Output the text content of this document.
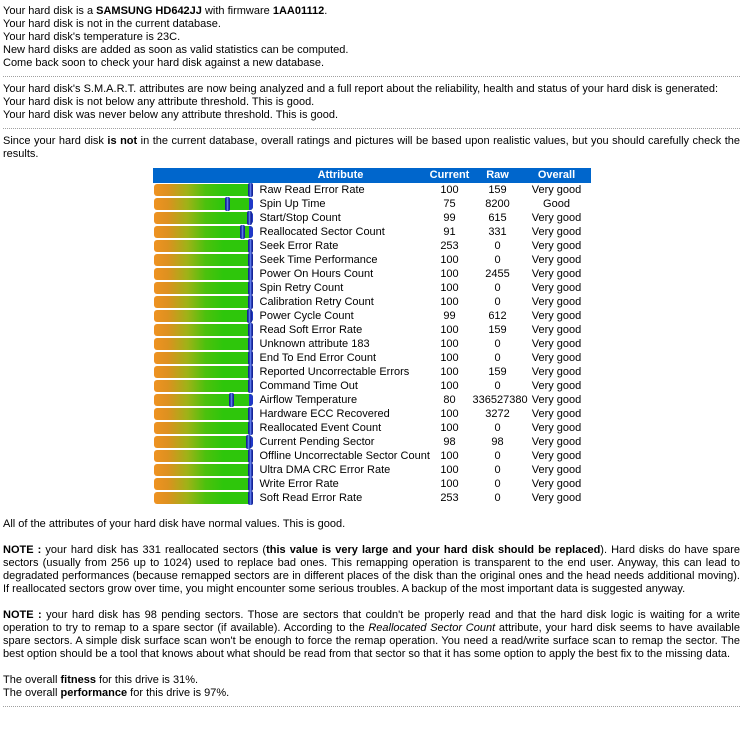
Your hard disk is a SAMSUNG HD642JJ with firmware 1AA01112.

Your hard disk is not in the current database.

Your hard disk's temperature is 23C.

New hard disks are added as soon as valid statistics can be computed.

Come back soon to check your hard disk against a new database.

Your hard disk's S.M.A.R.T. attributes are now being analyzed and a full report about the reliability, health and status of your hard disk is generated:

Your hard disk is not below any attribute threshold. This is good.

Your hard disk was never below any attribute threshold. This is good.

Since your hard disk is not in the current database, overall ratings and pictures will be based upon realistic values, but you should carefully check the results.

	Attribute	Current	Raw	Overall

	Raw Read Error Rate	100	159	Very good

	Spin Up Time	75	8200	Good

	Start/Stop Count	99	615	Very good

	Reallocated Sector Count	91	331	Very good

	Seek Error Rate	253	0	Very good

	Seek Time Performance	100	0	Very good

	Power On Hours Count	100	2455	Very good

	Spin Retry Count	100	0	Very good

	Calibration Retry Count	100	0	Very good

	Power Cycle Count	99	612	Very good

	Read Soft Error Rate	100	159	Very good

	Unknown attribute 183	100	0	Very good

	End To End Error Count	100	0	Very good

	Reported Uncorrectable Errors	100	159	Very good

	Command Time Out	100	0	Very good

	Airflow Temperature	80	336527380	Very good

	Hardware ECC Recovered	100	3272	Very good

	Reallocated Event Count	100	0	Very good

	Current Pending Sector	98	98	Very good

	Offline Uncorrectable Sector Count	100	0	Very good

	Ultra DMA CRC Error Rate	100	0	Very good

	Write Error Rate	100	0	Very good

	Soft Read Error Rate	253	0	Very good

All of the attributes of your hard disk have normal values. This is good.

NOTE : your hard disk has 331 reallocated sectors (this value is very large and your hard disk should be replaced). Hard disks do have spare sectors (usually from 256 up to 1024) used to replace bad ones. This remapping operation is transparent to the end user. Anyway, this can lead to degradated performances (because remapped sectors are in different places of the disk than the original ones and the head needs additional moving). If reallocated sectors grow over time, you might encounter some serious troubles. A backup of the most important data is suggested anyway.

NOTE : your hard disk has 98 pending sectors. Those are sectors that couldn't be properly read and that the hard disk logic is waiting for a write operation to try to remap to a spare sector (if available). According to the Reallocated Sector Count attribute, your hard disk seems to have available spare sectors. A simple disk surface scan won't be enough to force the remap operation. You need a read/write surface scan to remap the sector. The best option should be a tool that knows about what should be read from that sector so that it has some option to apply the best fix to the missing data.

The overall fitness for this drive is 31%.

The overall performance for this drive is 97%.
